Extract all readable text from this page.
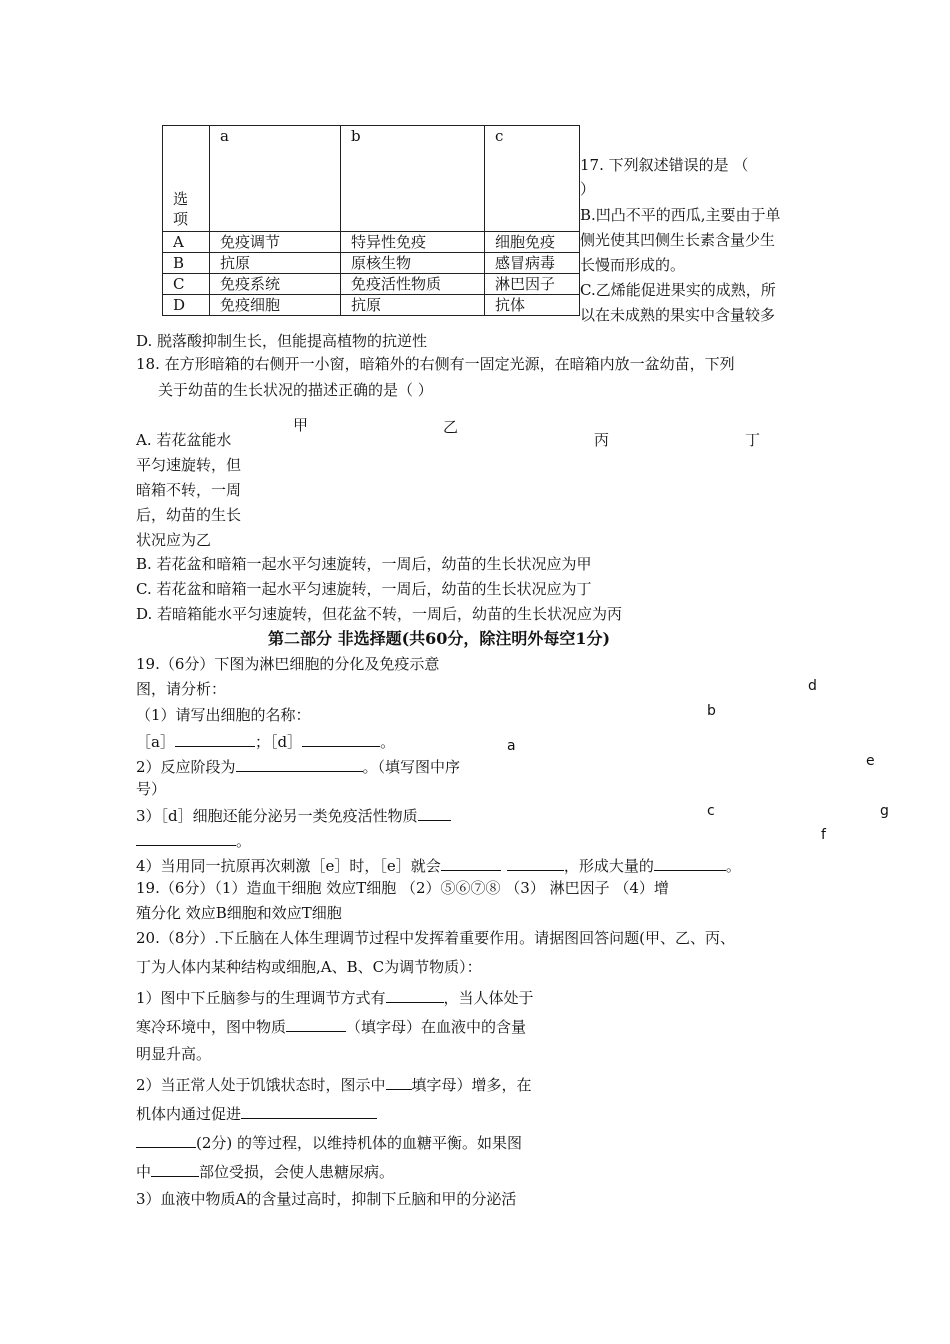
选
项	a	b	c
A	免疫调节	特异性免疫	细胞免疫
B	抗原	原核生物	感冒病毒
C	免疫系统	免疫活性物质	淋巴因子
D	免疫细胞	抗原	抗体
17. 下列叙述错误的是 （
）
B.凹凸不平的西瓜,主要由于单
侧光使其凹侧生长素含量少生
长慢而形成的。
C.乙烯能促进果实的成熟，所
以在未成熟的果实中含量较多
D. 脱落酸抑制生长，但能提高植物的抗逆性
18. 在方形暗箱的右侧开一小窗，暗箱外的右侧有一固定光源，在暗箱内放一盆幼苗，下列
关于幼苗的生长状况的描述正确的是（ ）
甲	乙
丙	丁
A. 若花盆能水
平匀速旋转，但
暗箱不转，一周
后，幼苗的生长
状况应为乙
B. 若花盆和暗箱一起水平匀速旋转，一周后，幼苗的生长状况应为甲
C. 若花盆和暗箱一起水平匀速旋转，一周后，幼苗的生长状况应为丁
D. 若暗箱能水平匀速旋转，但花盆不转，一周后，幼苗的生长状况应为丙
第二部分 非选择题(共60分，除注明外每空1分)
19.（6分）下图为淋巴细胞的分化及免疫示意
图，请分析：
（1）请写出细胞的名称：
［a］	；［d］	。
2）反应阶段为	。（填写图中序
号）
3）［d］细胞还能分泌另一类免疫活性物质
。
4）当用同一抗原再次刺激［e］时，［e］就会	，形成大量的	。
d
b
a
e
c	g
f
19.（6分）（1）造血干细胞 效应T细胞 （2）⑤⑥⑦⑧ （3） 淋巴因子 （4）增
殖分化 效应B细胞和效应T细胞
20.（8分）.下丘脑在人体生理调节过程中发挥着重要作用。请据图回答问题(甲、乙、丙、
丁为人体内某种结构或细胞,A、B、C为调节物质）：
1）图中下丘脑参与的生理调节方式有	，当人体处于
寒冷环境中，图中物质	（填字母）在血液中的含量
明显升高。
2）当正常人处于饥饿状态时，图示中 填字母）增多，在
机体内通过促进
(2分) 的等过程，以维持机体的血糖平衡。如果图
中	部位受损，会使人患糖尿病。
3）血液中物质A的含量过高时，抑制下丘脑和甲的分泌活
